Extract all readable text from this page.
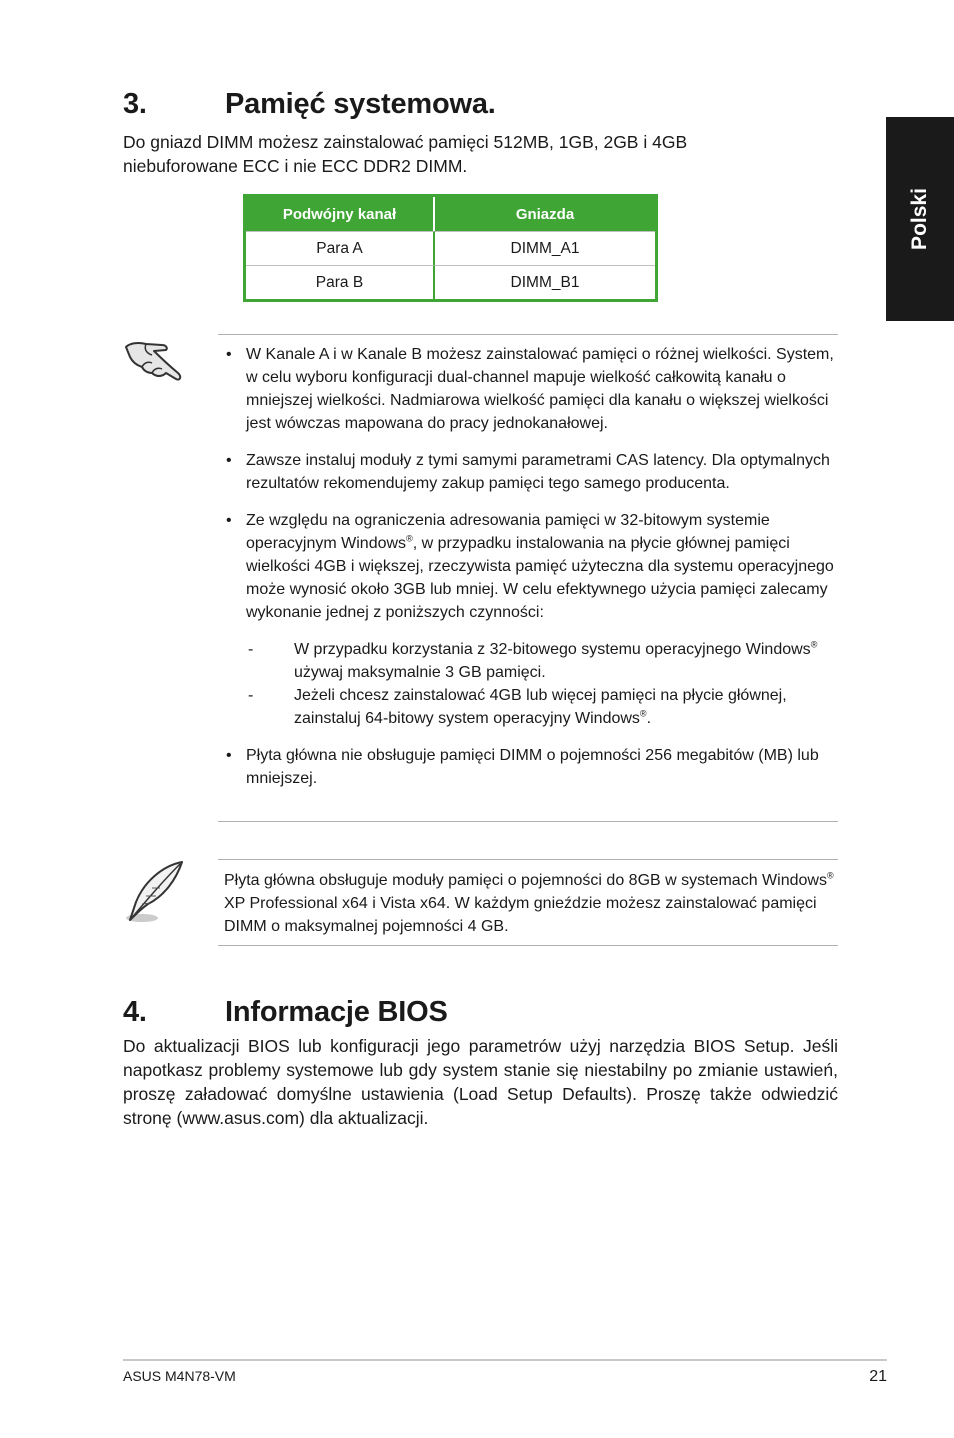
3.	Pamięć systemowa.
Do gniazd DIMM możesz zainstalować pamięci 512MB, 1GB, 2GB i 4GB
niebuforowane ECC i nie ECC DDR2 DIMM.
Polski
Podwójny kanał	Gniazda
Para A	DIMM_A1
Para B	DIMM_B1
• W Kanale A i w Kanale B możesz zainstalować pamięci o różnej wielkości. System, w celu wyboru konfiguracji dual-channel mapuje wielkość całkowitą kanału o mniejszej wielkości. Nadmiarowa wielkość pamięci dla kanału o większej wielkości jest wówczas mapowana do pracy jednokanałowej.
• Zawsze instaluj moduły z tymi samymi parametrami CAS latency. Dla optymalnych rezultatów rekomendujemy zakup pamięci tego samego producenta.
• Ze względu na ograniczenia adresowania pamięci w 32-bitowym systemie operacyjnym Windows®, w przypadku instalowania na płycie głównej pamięci wielkości 4GB i większej, rzeczywista pamięć użyteczna dla systemu operacyjnego może wynosić około 3GB lub mniej. W celu efektywnego użycia pamięci zalecamy wykonanie jednej z poniższych czynności:
- W przypadku korzystania z 32-bitowego systemu operacyjnego Windows® używaj maksymalnie 3 GB pamięci.
- Jeżeli chcesz zainstalować 4GB lub więcej pamięci na płycie głównej, zainstaluj 64-bitowy system operacyjny Windows®.
• Płyta główna nie obsługuje pamięci DIMM o pojemności 256 megabitów (MB) lub mniejszej.
Płyta główna obsługuje moduły pamięci o pojemności do 8GB w systemach Windows® XP Professional x64 i Vista x64. W każdym gnieździe możesz zainstalować pamięci DIMM o maksymalnej pojemności 4 GB.
4.	Informacje BIOS
Do aktualizacji BIOS lub konfiguracji jego parametrów użyj narzędzia BIOS Setup. Jeśli napotkasz problemy systemowe lub gdy system stanie się niestabilny po zmianie ustawień, proszę załadować domyślne ustawienia (Load Setup Defaults). Proszę także odwiedzić stronę (www.asus.com) dla aktualizacji.
ASUS M4N78-VM	21
